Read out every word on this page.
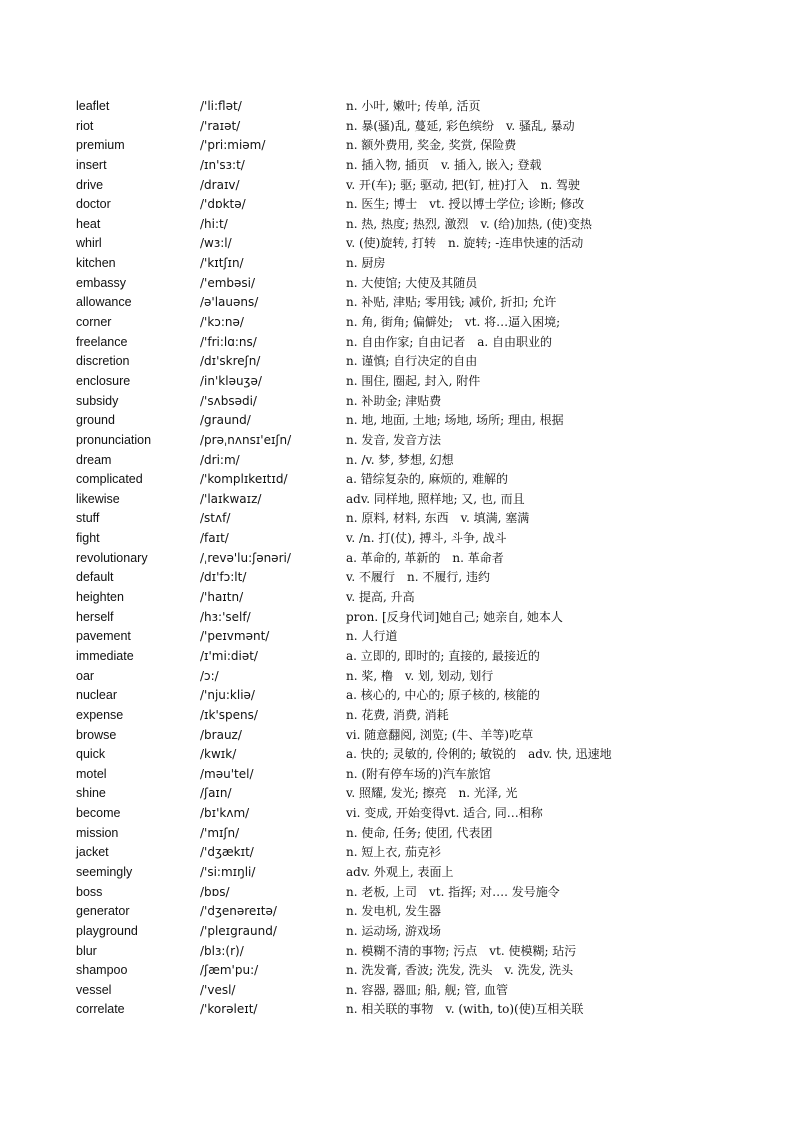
leaflet	/'li:flət/	n. 小叶, 嫩叶; 传单, 活页
riot	/'raɪət/	n. 暴(骚)乱, 蔓延, 彩色缤纷　v. 骚乱, 暴动
premium	/'pri:miəm/	n. 额外费用, 奖金, 奖赏, 保险费
insert	/ɪn'sɜ:t/	n. 插入物, 插页　v. 插入, 嵌入; 登载
drive	/draɪv/	v. 开(车); 驱; 驱动, 把(钉, 桩)打入　n. 驾驶
doctor	/'dɒktə/	n. 医生; 博士　vt. 授以博士学位; 诊断; 修改
heat	/hi:t/	n. 热, 热度; 热烈, 激烈　v. (给)加热, (使)变热
whirl	/wɜ:l/	v. (使)旋转, 打转　n. 旋转; -连串快速的活动
kitchen	/'kɪtʃɪn/	n. 厨房
embassy	/'embəsi/	n. 大使馆; 大使及其随员
allowance	/ə'lauəns/	n. 补贴, 津贴; 零用钱; 减价, 折扣; 允许
corner	/'kɔ:nə/	n. 角, 街角; 偏僻处;　vt. 将…逼入困境;
freelance	/'fri:lɑ:ns/	n. 自由作家; 自由记者　a. 自由职业的
discretion	/dɪ'skreʃn/	n. 谨慎; 自行决定的自由
enclosure	/in'kləuʒə/	n. 围住, 圈起, 封入, 附件
subsidy	/'sʌbsədi/	n. 补助金; 津贴费
ground	/graund/	n. 地, 地面, 土地; 场地, 场所; 理由, 根据
pronunciation	/prəˌnʌnsɪ'eɪʃn/	n. 发音, 发音方法
dream	/dri:m/	n. /v. 梦, 梦想, 幻想
complicated	/'komplɪkeɪtɪd/	a. 错综复杂的, 麻烦的, 难解的
likewise	/'laɪkwaɪz/	adv. 同样地, 照样地; 又, 也, 而且
stuff	/stʌf/	n. 原料, 材料, 东西　v. 填满, 塞满
fight	/faɪt/	v. /n. 打(仗), 搏斗, 斗争, 战斗
revolutionary	/ˌrevə'lu:ʃənəri/	a. 革命的, 革新的　n. 革命者
default	/dɪ'fɔ:lt/	v. 不履行　n. 不履行, 违约
heighten	/'haɪtn/	v. 提高, 升高
herself	/hɜ:'self/	pron. [反身代词]她自己; 她亲自, 她本人
pavement	/'peɪvmənt/	n. 人行道
immediate	/ɪ'mi:diət/	a. 立即的, 即时的; 直接的, 最接近的
oar	/ɔ:/	n. 桨, 橹　v. 划, 划动, 划行
nuclear	/'nju:kliə/	a. 核心的, 中心的; 原子核的, 核能的
expense	/ɪk'spens/	n. 花费, 消费, 消耗
browse	/brauz/	vi. 随意翻阅, 浏览; (牛、羊等)吃草
quick	/kwɪk/	a. 快的; 灵敏的, 伶俐的; 敏锐的　adv. 快, 迅速地
motel	/məu'tel/	n. (附有停车场的)汽车旅馆
shine	/ʃaɪn/	v. 照耀, 发光; 擦亮　n. 光泽, 光
become	/bɪ'kʌm/	vi. 变成, 开始变得vt. 适合, 同…相称
mission	/'mɪʃn/	n. 使命, 任务; 使团, 代表团
jacket	/'dʒækɪt/	n. 短上衣, 茄克衫
seemingly	/'si:mɪŋli/	adv. 外观上, 表面上
boss	/bɒs/	n. 老板, 上司　vt. 指挥; 对…. 发号施令
generator	/'dʒenəreɪtə/	n. 发电机, 发生器
playground	/'pleɪgraund/	n. 运动场, 游戏场
blur	/blɜ:(r)/	n. 模糊不清的事物; 污点　vt. 使模糊; 玷污
shampoo	/ʃæm'pu:/	n. 洗发膏, 香波; 洗发, 洗头　v. 洗发, 洗头
vessel	/'vesl/	n. 容器, 器皿; 船, 舰; 管, 血管
correlate	/'korəleɪt/	n. 相关联的事物　v. (with, to)(使)互相关联
